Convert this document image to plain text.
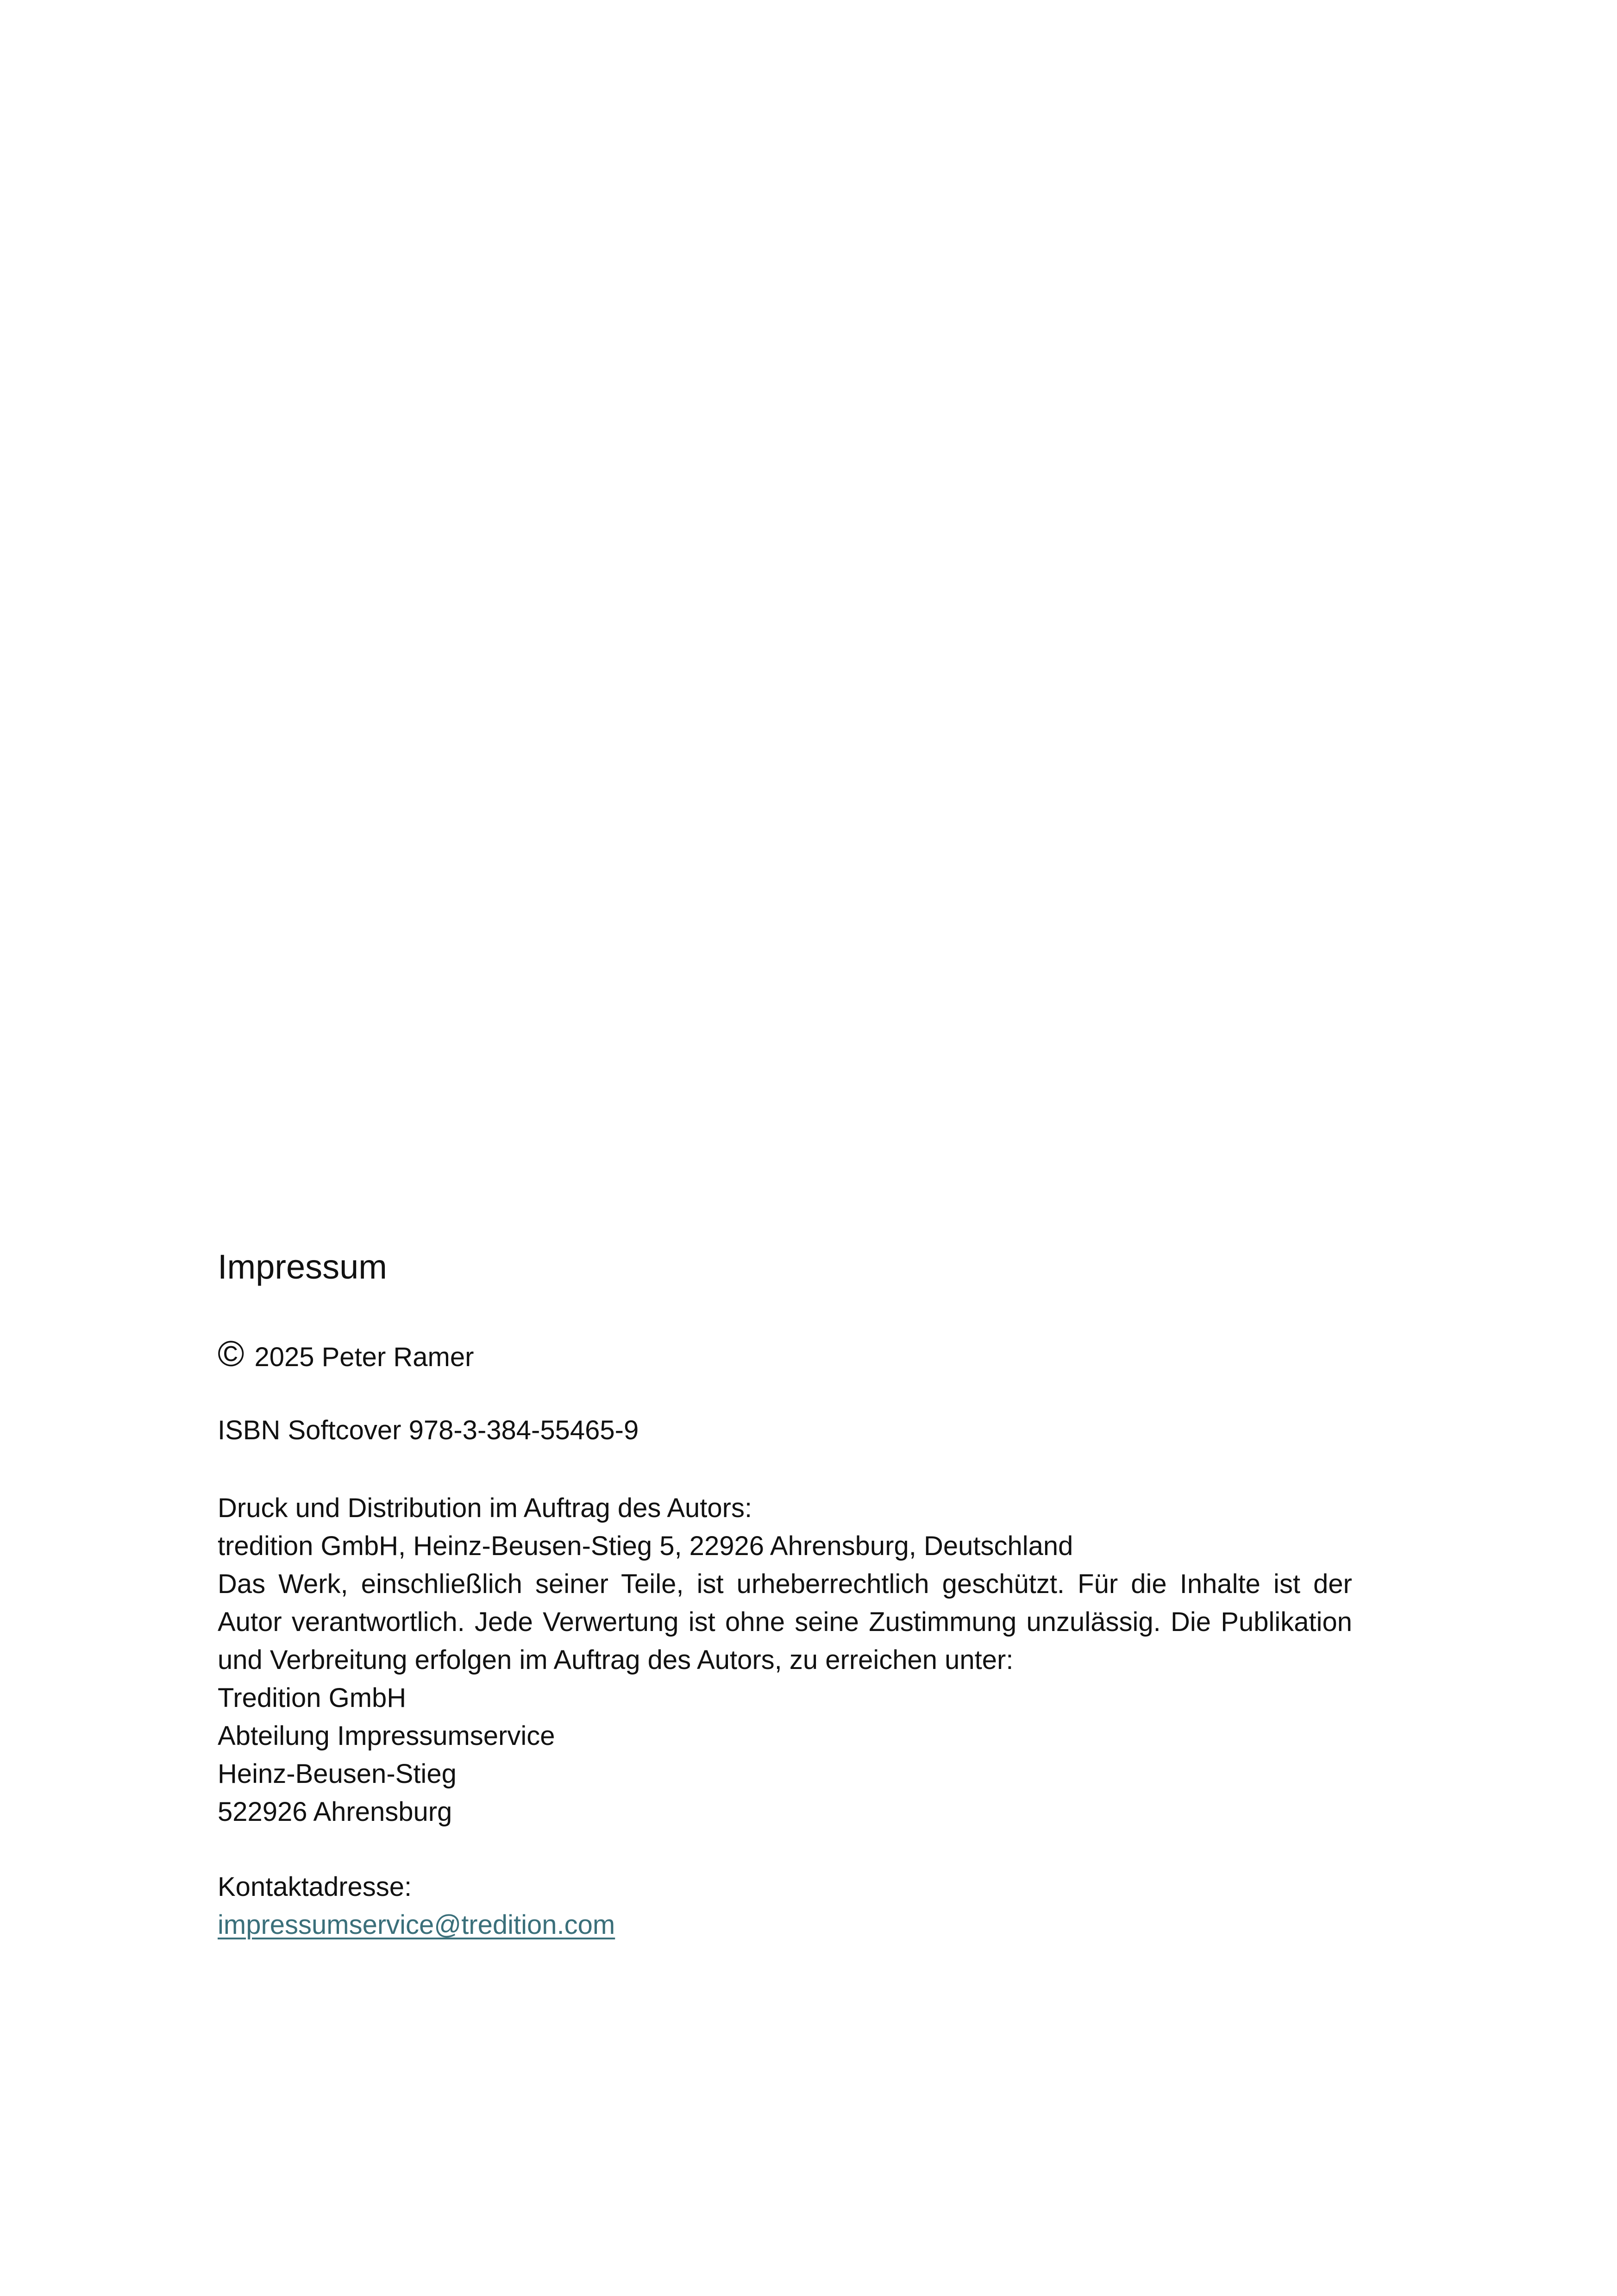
Impressum
© 2025 Peter Ramer
ISBN Softcover 978-3-384-55465-9
Druck und Distribution im Auftrag des Autors:
tredition GmbH, Heinz-Beusen-Stieg 5, 22926 Ahrensburg, Deutschland

Das Werk, einschließlich seiner Teile, ist urheberrechtlich geschützt. Für die Inhalte ist der Autor verantwortlich. Jede Verwertung ist ohne seine Zustimmung unzulässig. Die Publikation und Verbreitung erfolgen im Auftrag des Autors, zu erreichen unter:

Tredition GmbH
Abteilung Impressumservice
Heinz-Beusen-Stieg
522926 Ahrensburg
Kontaktadresse:
impressumservice@tredition.com
